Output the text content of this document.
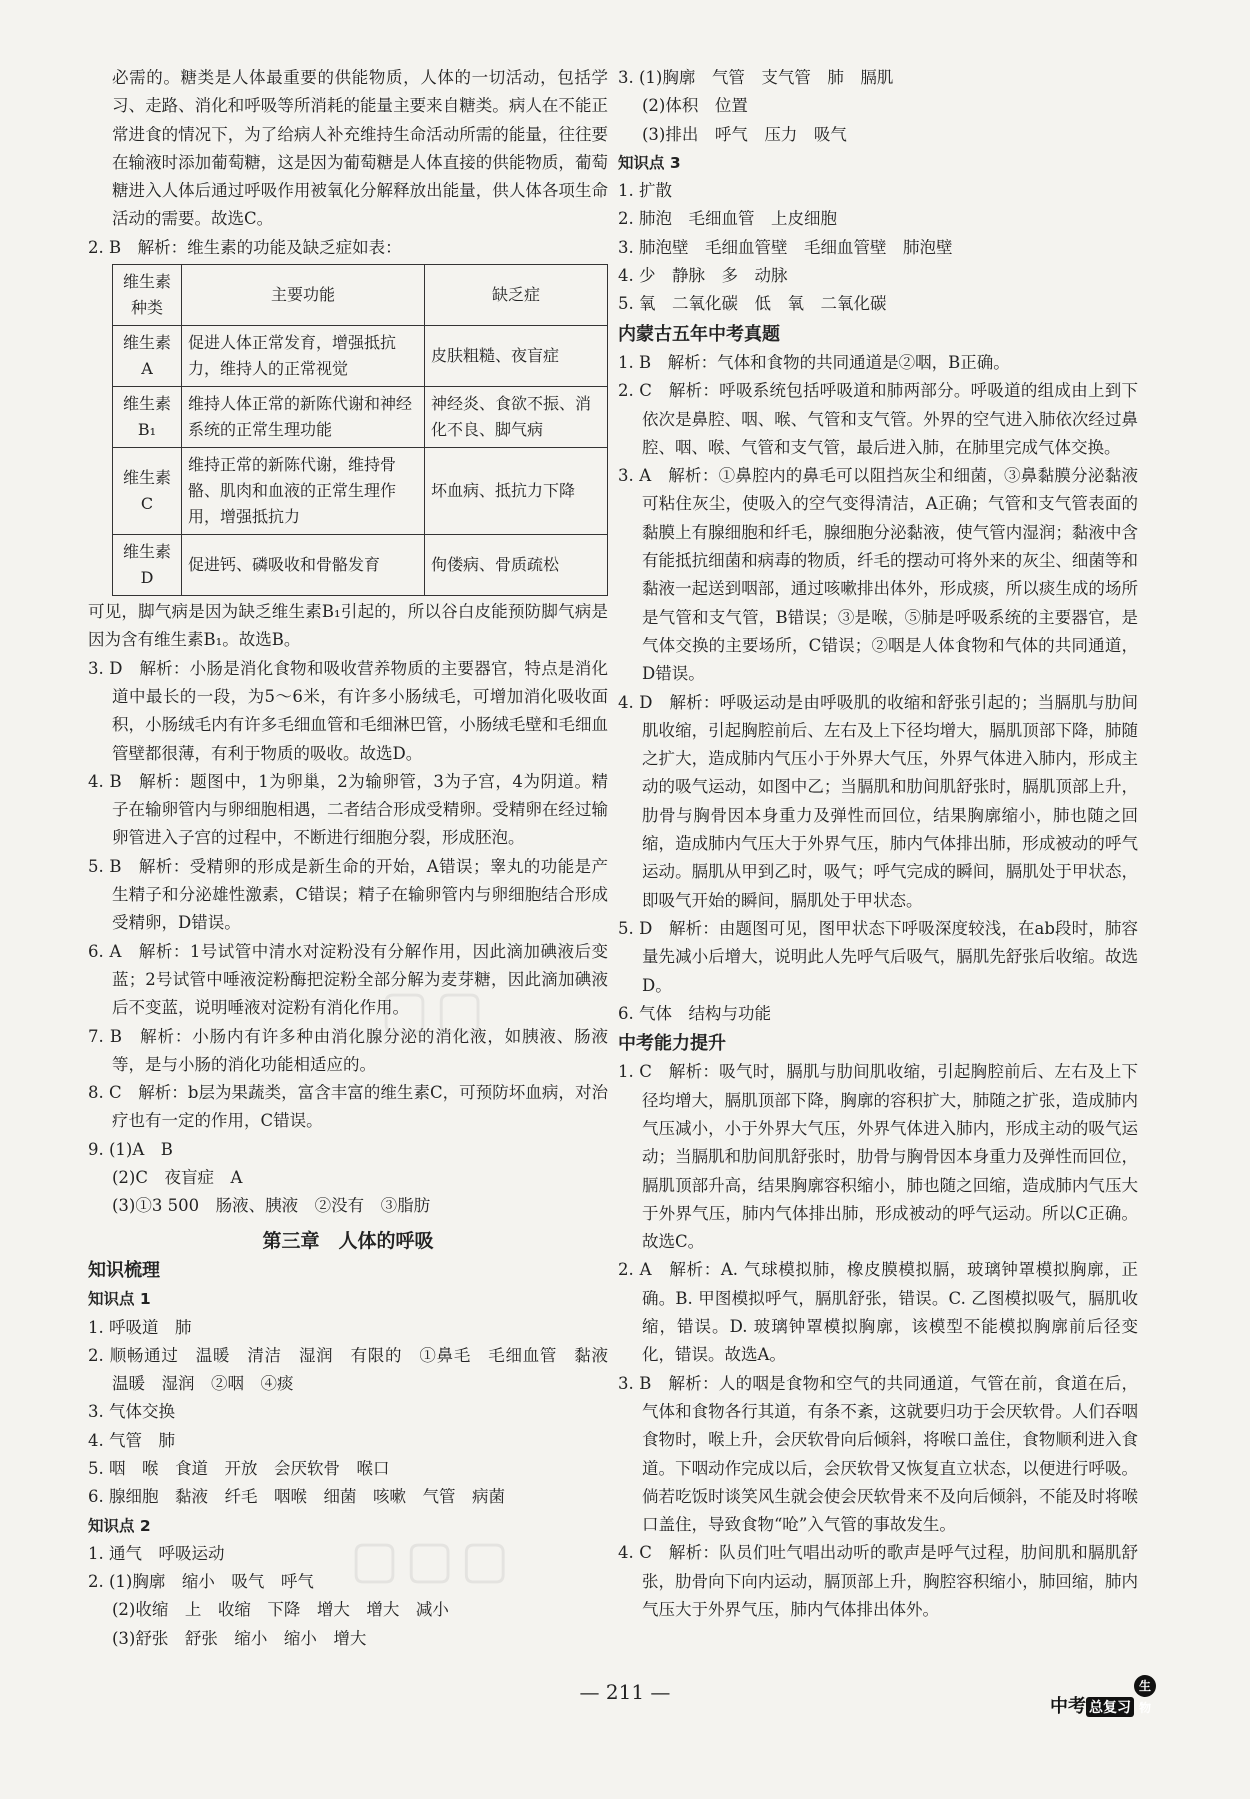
必需的。糖类是人体最重要的供能物质，人体的一切活动，包括学习、走路、消化和呼吸等所消耗的能量主要来自糖类。病人在不能正常进食的情况下，为了给病人补充维持生命活动所需的能量，往往要在输液时添加葡萄糖，这是因为葡萄糖是人体直接的供能物质，葡萄糖进入人体后通过呼吸作用被氧化分解释放出能量，供人体各项生命活动的需要。故选C。

2. B　解析：维生素的功能及缺乏症如表：

维生素种类	主要功能	缺乏症
维生素A	促进人体正常发育，增强抵抗力，维持人的正常视觉	皮肤粗糙、夜盲症
维生素B₁	维持人体正常的新陈代谢和神经系统的正常生理功能	神经炎、食欲不振、消化不良、脚气病
维生素C	维持正常的新陈代谢，维持骨骼、肌肉和血液的正常生理作用，增强抵抗力	坏血病、抵抗力下降
维生素D	促进钙、磷吸收和骨骼发育	佝偻病、骨质疏松

可见，脚气病是因为缺乏维生素B₁引起的，所以谷白皮能预防脚气病是因为含有维生素B₁。故选B。

3. D　解析：小肠是消化食物和吸收营养物质的主要器官，特点是消化道中最长的一段，为5～6米，有许多小肠绒毛，可增加消化吸收面积，小肠绒毛内有许多毛细血管和毛细淋巴管，小肠绒毛壁和毛细血管壁都很薄，有利于物质的吸收。故选D。

4. B　解析：题图中，1为卵巢，2为输卵管，3为子宫，4为阴道。精子在输卵管内与卵细胞相遇，二者结合形成受精卵。受精卵在经过输卵管进入子宫的过程中，不断进行细胞分裂，形成胚泡。

5. B　解析：受精卵的形成是新生命的开始，A错误；睾丸的功能是产生精子和分泌雄性激素，C错误；精子在输卵管内与卵细胞结合形成受精卵，D错误。

6. A　解析：1号试管中清水对淀粉没有分解作用，因此滴加碘液后变蓝；2号试管中唾液淀粉酶把淀粉全部分解为麦芽糖，因此滴加碘液后不变蓝，说明唾液对淀粉有消化作用。

7. B　解析：小肠内有许多种由消化腺分泌的消化液，如胰液、肠液等，是与小肠的消化功能相适应的。

8. C　解析：b层为果蔬类，富含丰富的维生素C，可预防坏血病，对治疗也有一定的作用，C错误。

9. (1)A　B

(2)C　夜盲症　A

(3)①3 500　肠液、胰液　②没有　③脂肪

第三章　人体的呼吸

知识梳理

知识点 1

1. 呼吸道　肺

2. 顺畅通过　温暖　清洁　湿润　有限的　①鼻毛　毛细血管　黏液　温暖　湿润　②咽　④痰

3. 气体交换

4. 气管　肺

5. 咽　喉　食道　开放　会厌软骨　喉口

6. 腺细胞　黏液　纤毛　咽喉　细菌　咳嗽　气管　病菌

知识点 2

1. 通气　呼吸运动

2. (1)胸廓　缩小　吸气　呼气

(2)收缩　上　收缩　下降　增大　增大　减小

(3)舒张　舒张　缩小　缩小　增大

3. (1)胸廓　气管　支气管　肺　膈肌

(2)体积　位置

(3)排出　呼气　压力　吸气

知识点 3

1. 扩散

2. 肺泡　毛细血管　上皮细胞

3. 肺泡壁　毛细血管壁　毛细血管壁　肺泡壁

4. 少　静脉　多　动脉

5. 氧　二氧化碳　低　氧　二氧化碳

内蒙古五年中考真题

1. B　解析：气体和食物的共同通道是②咽，B正确。

2. C　解析：呼吸系统包括呼吸道和肺两部分。呼吸道的组成由上到下依次是鼻腔、咽、喉、气管和支气管。外界的空气进入肺依次经过鼻腔、咽、喉、气管和支气管，最后进入肺，在肺里完成气体交换。

3. A　解析：①鼻腔内的鼻毛可以阻挡灰尘和细菌，③鼻黏膜分泌黏液可粘住灰尘，使吸入的空气变得清洁，A正确；气管和支气管表面的黏膜上有腺细胞和纤毛，腺细胞分泌黏液，使气管内湿润；黏液中含有能抵抗细菌和病毒的物质，纤毛的摆动可将外来的灰尘、细菌等和黏液一起送到咽部，通过咳嗽排出体外，形成痰，所以痰生成的场所是气管和支气管，B错误；③是喉，⑤肺是呼吸系统的主要器官，是气体交换的主要场所，C错误；②咽是人体食物和气体的共同通道，D错误。

4. D　解析：呼吸运动是由呼吸肌的收缩和舒张引起的；当膈肌与肋间肌收缩，引起胸腔前后、左右及上下径均增大，膈肌顶部下降，肺随之扩大，造成肺内气压小于外界大气压，外界气体进入肺内，形成主动的吸气运动，如图中乙；当膈肌和肋间肌舒张时，膈肌顶部上升，肋骨与胸骨因本身重力及弹性而回位，结果胸廓缩小，肺也随之回缩，造成肺内气压大于外界气压，肺内气体排出肺，形成被动的呼气运动。膈肌从甲到乙时，吸气；呼气完成的瞬间，膈肌处于甲状态，即吸气开始的瞬间，膈肌处于甲状态。

5. D　解析：由题图可见，图甲状态下呼吸深度较浅，在ab段时，肺容量先减小后增大，说明此人先呼气后吸气，膈肌先舒张后收缩。故选D。

6. 气体　结构与功能

中考能力提升

1. C　解析：吸气时，膈肌与肋间肌收缩，引起胸腔前后、左右及上下径均增大，膈肌顶部下降，胸廓的容积扩大，肺随之扩张，造成肺内气压减小，小于外界大气压，外界气体进入肺内，形成主动的吸气运动；当膈肌和肋间肌舒张时，肋骨与胸骨因本身重力及弹性而回位，膈肌顶部升高，结果胸廓容积缩小，肺也随之回缩，造成肺内气压大于外界气压，肺内气体排出肺，形成被动的呼气运动。所以C正确。故选C。

2. A　解析：A. 气球模拟肺，橡皮膜模拟膈，玻璃钟罩模拟胸廓，正确。B. 甲图模拟呼气，膈肌舒张，错误。C. 乙图模拟吸气，膈肌收缩，错误。D. 玻璃钟罩模拟胸廓，该模型不能模拟胸廓前后径变化，错误。故选A。

3. B　解析：人的咽是食物和空气的共同通道，气管在前，食道在后，气体和食物各行其道，有条不紊，这就要归功于会厌软骨。人们吞咽食物时，喉上升，会厌软骨向后倾斜，将喉口盖住，食物顺利进入食道。下咽动作完成以后，会厌软骨又恢复直立状态，以便进行呼吸。倘若吃饭时谈笑风生就会使会厌软骨来不及向后倾斜，不能及时将喉口盖住，导致食物“呛”入气管的事故发生。

4. C　解析：队员们吐气唱出动听的歌声是呼气过程，肋间肌和膈肌舒张，肋骨向下向内运动，膈顶部上升，胸腔容积缩小，肺回缩，肺内气压大于外界气压，肺内气体排出体外。

▢▢
▢▢▢
— 211 —
中考 总复习生物
